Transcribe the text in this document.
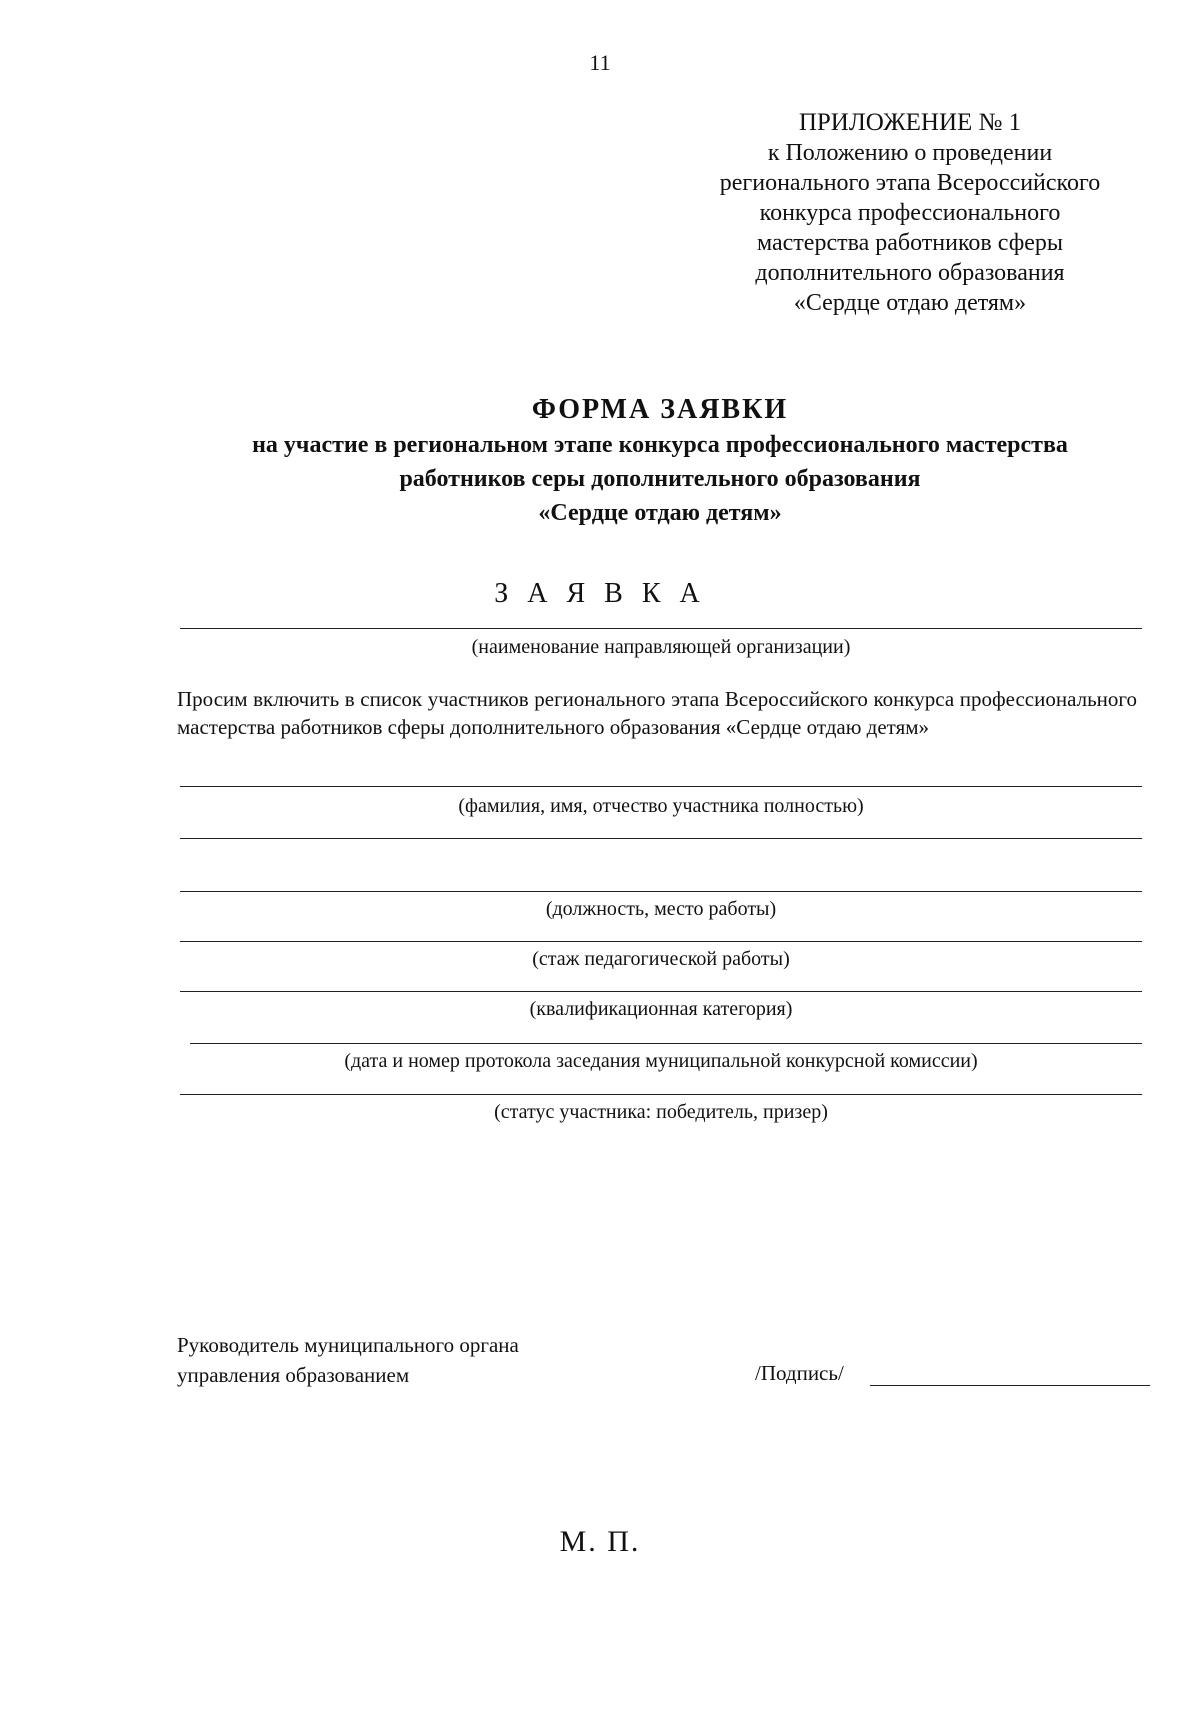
11
ПРИЛОЖЕНИЕ № 1
к Положению о проведении
регионального этапа Всероссийского
конкурса профессионального
мастерства работников сферы
дополнительного образования
«Сердце отдаю детям»
ФОРМА ЗАЯВКИ
на участие в региональном этапе конкурса профессионального мастерства
работников серы дополнительного образования
«Сердце отдаю детям»
З А Я В К А
(наименование направляющей организации)
Просим включить в список участников регионального этапа Всероссийского конкурса профессионального мастерства работников сферы дополнительного образования «Сердце отдаю детям»
(фамилия, имя, отчество участника полностью)
(должность, место работы)
(стаж педагогической работы)
(квалификационная категория)
(дата и номер протокола заседания муниципальной конкурсной комиссии)
(статус участника: победитель, призер)
Руководитель муниципального органа
управления образованием	/Подпись/
М. П.
